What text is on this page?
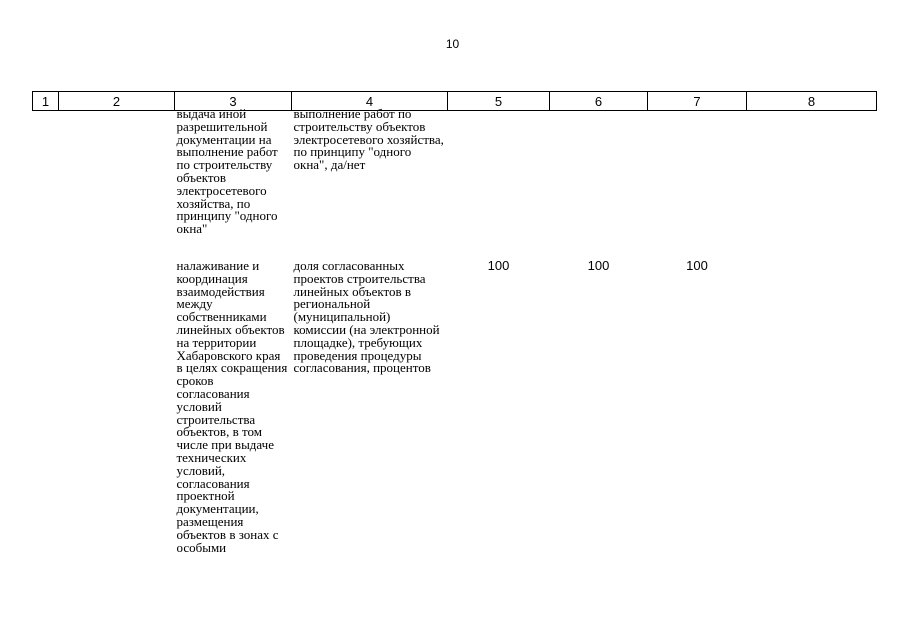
10
1	2	3	4	5	6	7	8

		выдача иной разрешительной документации на выполнение работ по строительству объектов электросетевого хозяйства, по принципу "одного окна"	выполнение работ по строительству объектов электросетевого хозяйства, по принципу "одного окна", да/нет				

		налаживание и координация взаимодействия между собственниками линейных объектов на территории Хабаровского края в целях сокращения сроков согласования условий строительства объектов, в том числе при выдаче технических условий, согласования проектной документации, размещения объектов в зонах с особыми	доля согласованных проектов строительства линейных объектов в региональной (муниципальной) комиссии (на электронной площадке), требующих проведения процедуры согласования, процентов	100	100	100	
